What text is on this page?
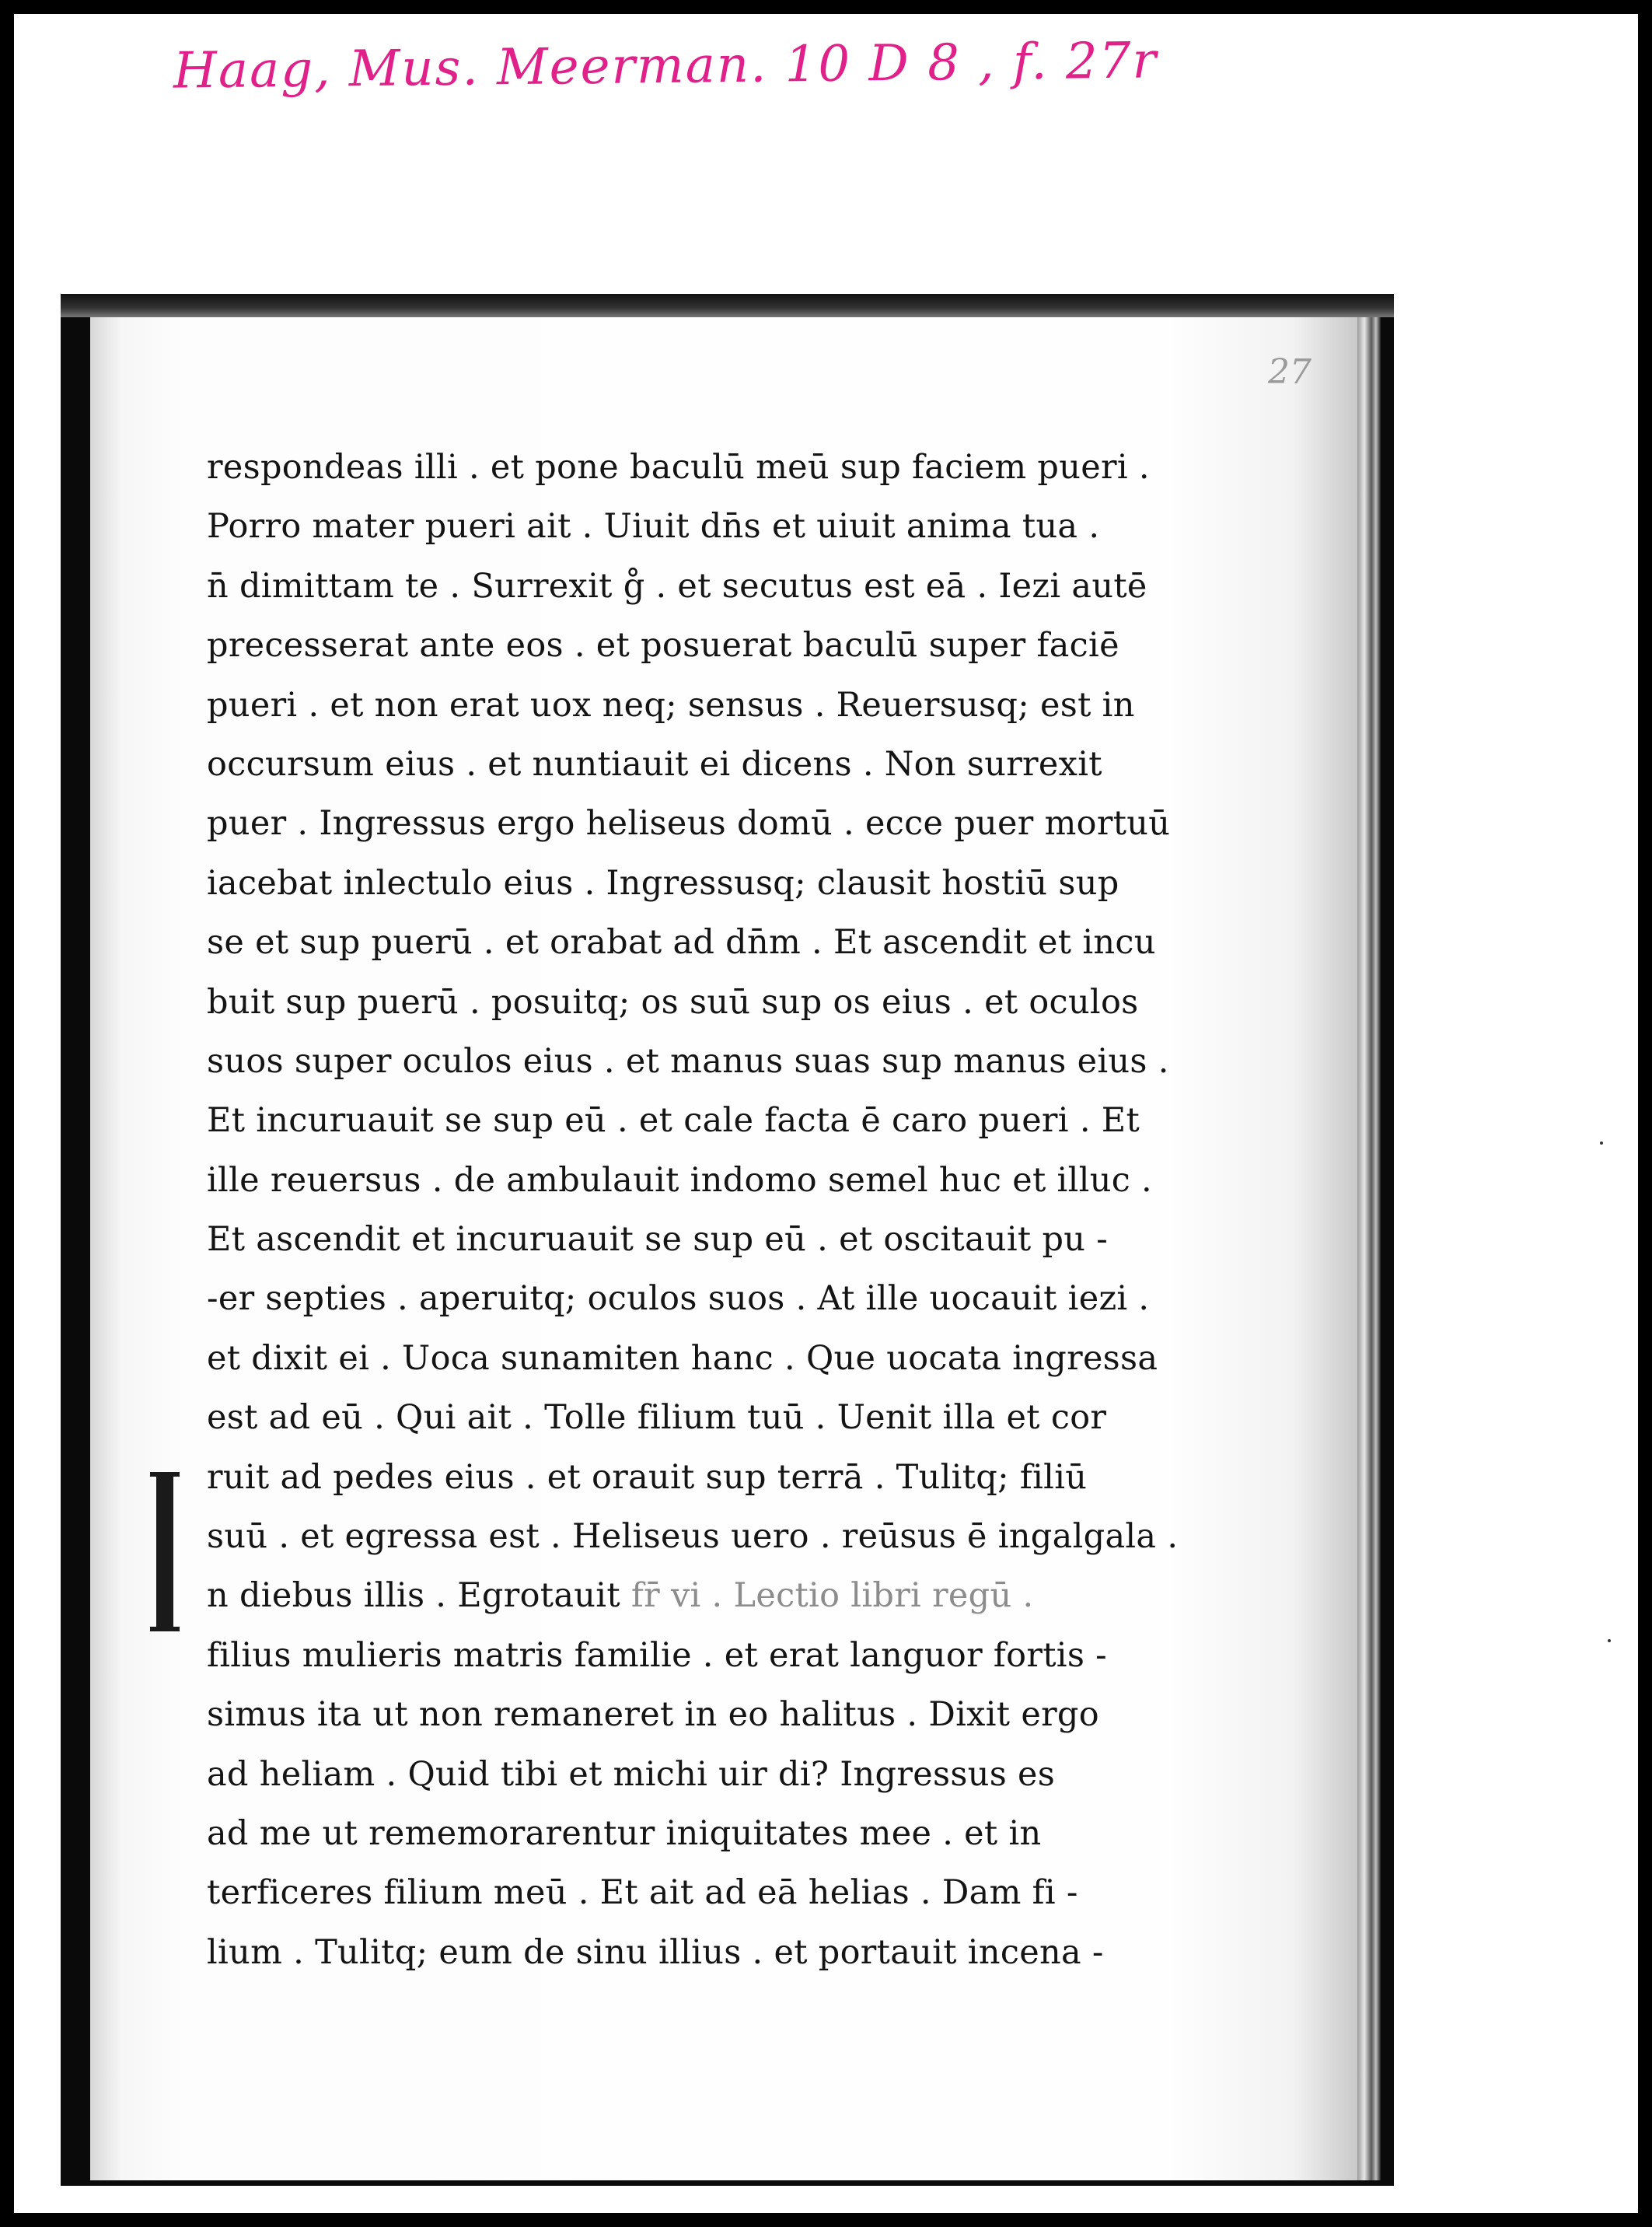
Haag, Mus. Meerman. 10 D 8 , f. 27r
27
respondeas illi . et pone baculū meū sup faciem pueri .
Porro mater pueri ait . Uiuit dn̄s et uiuit anima tua .
n̄ dimittam te . Surrexit g̊ . et secutus est eā . Iezi autē
precesserat ante eos . et posuerat baculū super faciē
pueri . et non erat uox neq; sensus . Reuersusq; est in
occursum eius . et nuntiauit ei dicens . Non surrexit
puer . Ingressus ergo heliseus domū . ecce puer mortuū
iacebat inlectulo eius . Ingressusq; clausit hostiū sup
se et sup puerū . et orabat ad dn̄m . Et ascendit et incu
buit sup puerū . posuitq; os suū sup os eius . et oculos
suos super oculos eius . et manus suas sup manus eius .
Et incuruauit se sup eū . et cale facta ē caro pueri . Et
ille reuersus . de ambulauit indomo semel huc et illuc .
Et ascendit et incuruauit se sup eū . et oscitauit pu -
-er septies . aperuitq; oculos suos . At ille uocauit iezi .
et dixit ei . Uoca sunamiten hanc . Que uocata ingressa
est ad eū . Qui ait . Tolle filium tuū . Uenit illa et cor
ruit ad pedes eius . et orauit sup terrā . Tulitq; filiū
suū . et egressa est . Heliseus uero . reūsus ē ingalgala .
n diebus illis . Egrotauit fr̄ vi . Lectio libri regū .
filius mulieris matris familie . et erat languor fortis -
simus ita ut non remaneret in eo halitus . Dixit ergo
ad heliam . Quid tibi et michi uir di? Ingressus es
ad me ut rememorarentur iniquitates mee . et in
terficeres filium meū . Et ait ad eā helias . Dam fi -
lium . Tulitq; eum de sinu illius . et portauit incena -
